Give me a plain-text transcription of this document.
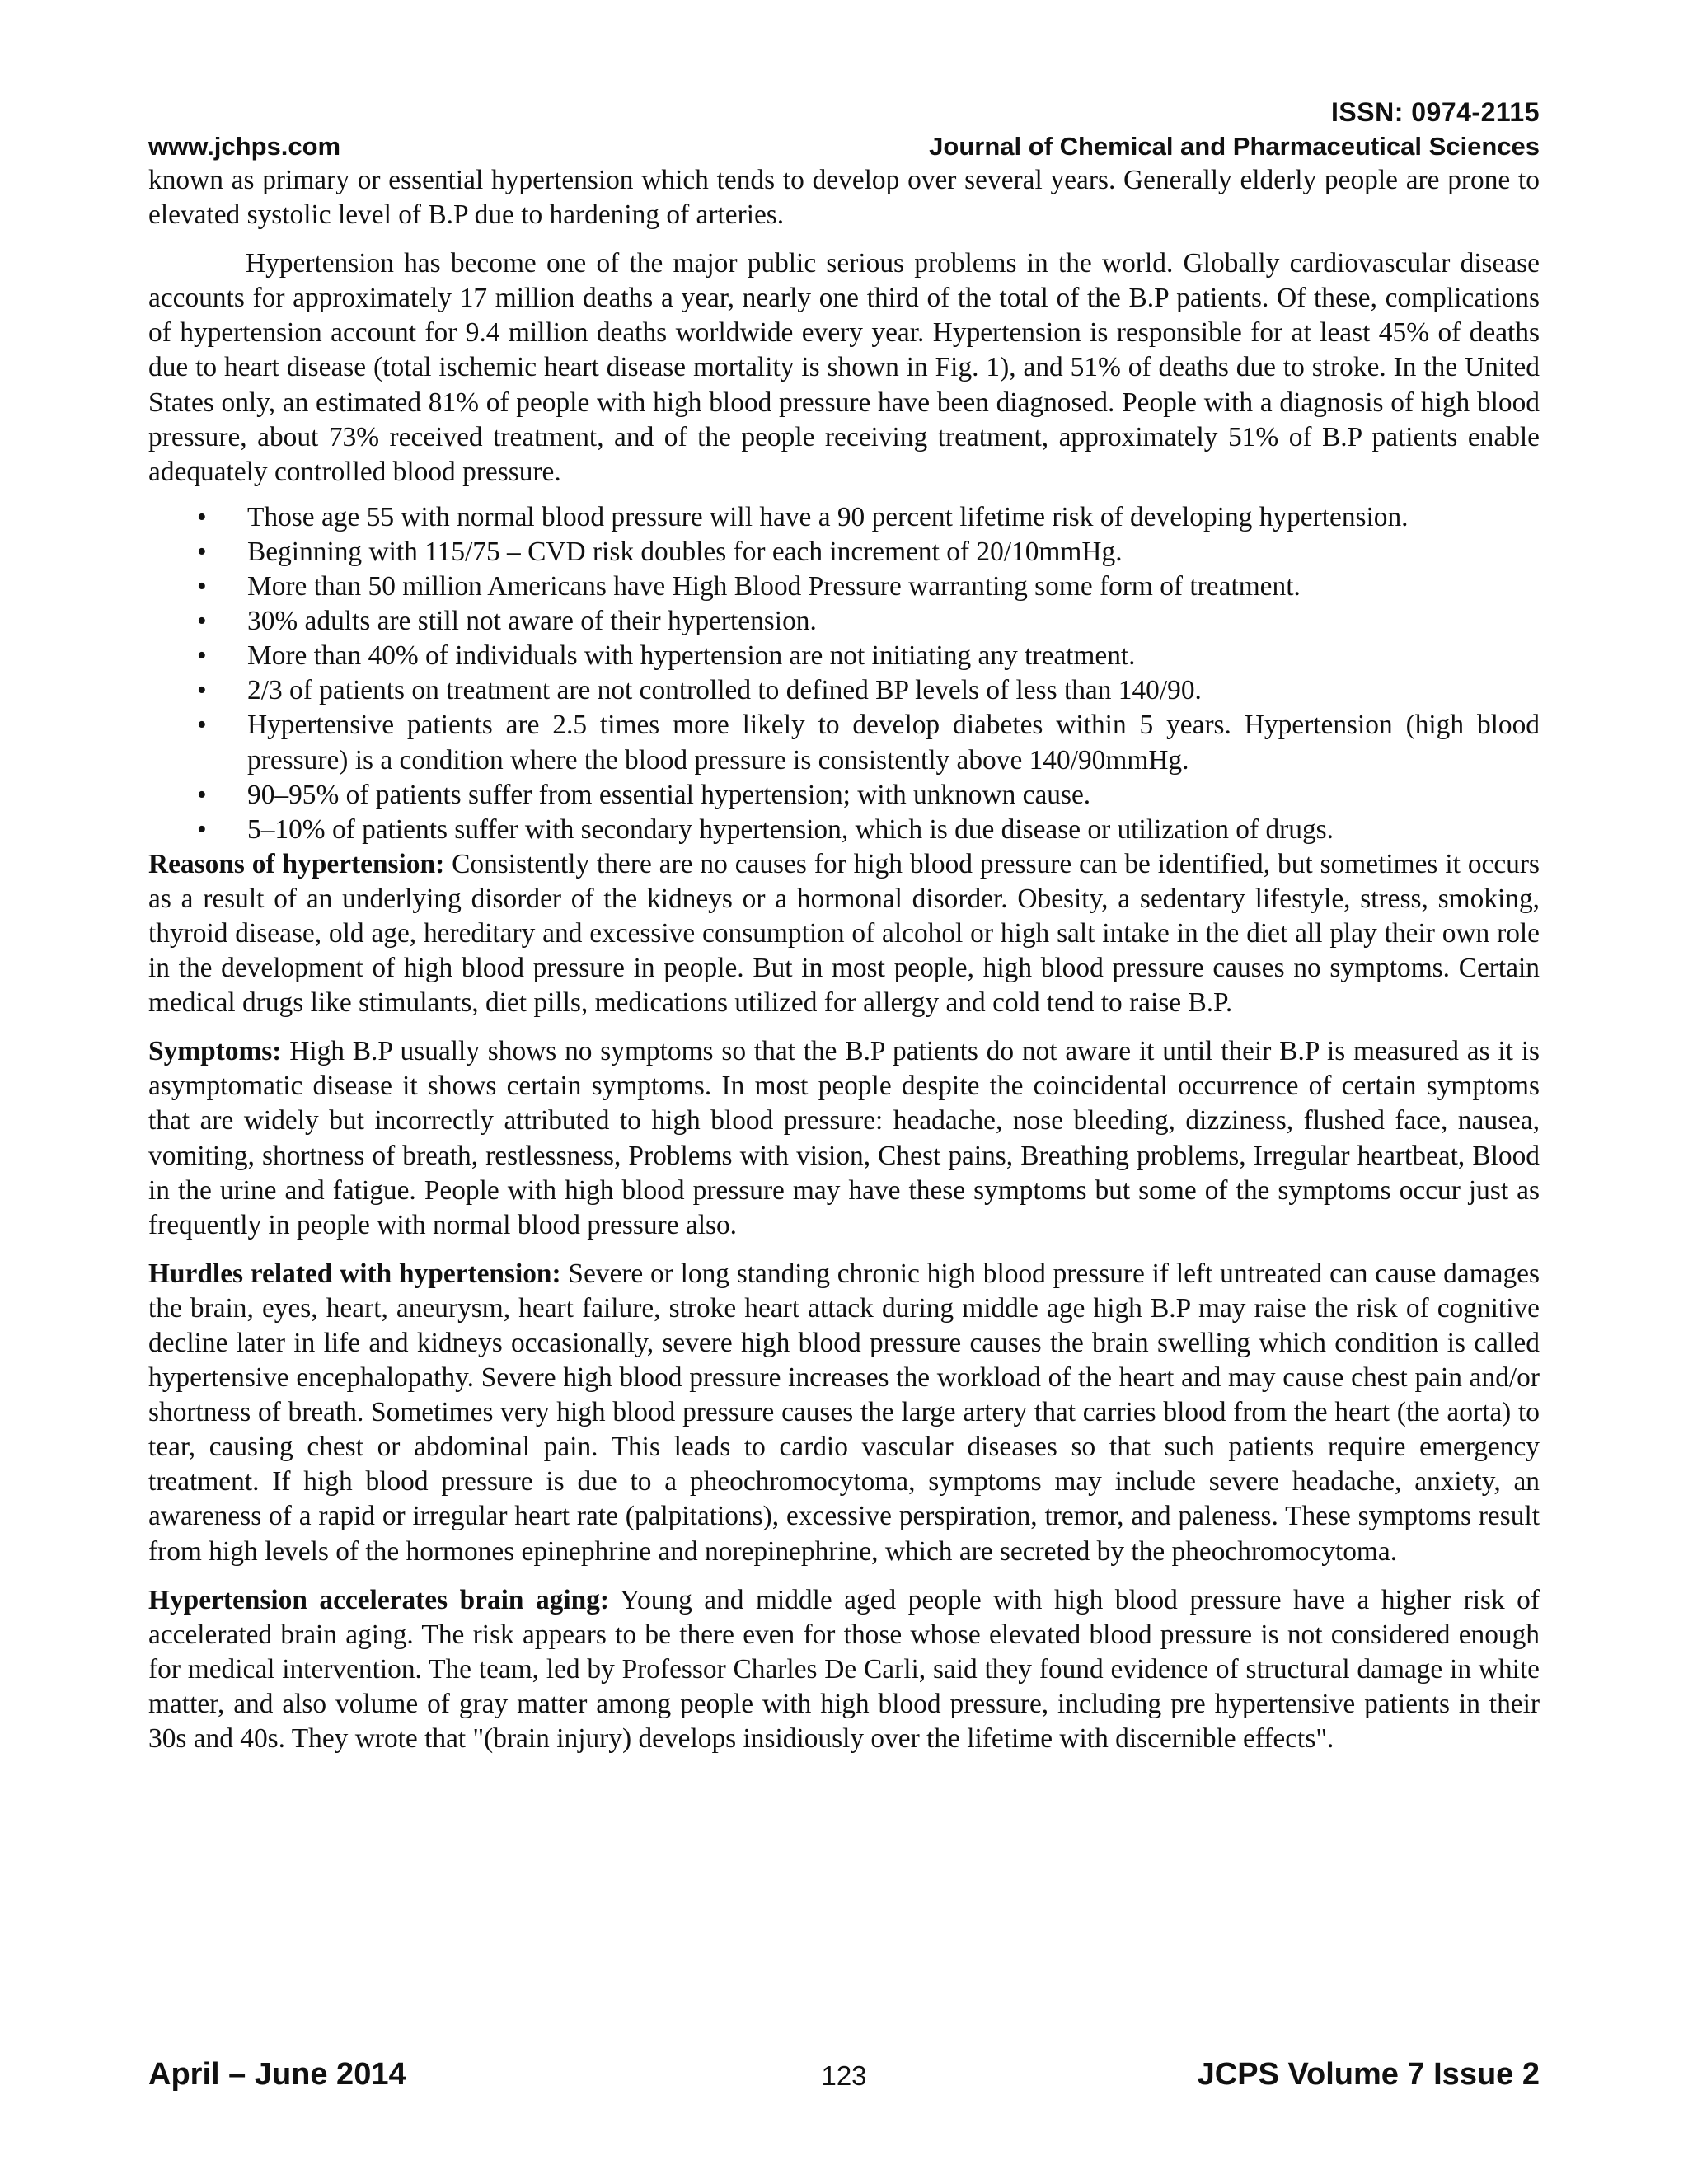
ISSN: 0974-2115
www.jchps.com	Journal of Chemical and Pharmaceutical Sciences

known as primary or essential hypertension which tends to develop over several years. Generally elderly people are prone to elevated systolic level of B.P due to hardening of arteries.

Hypertension has become one of the major public serious problems in the world. Globally cardiovascular disease accounts for approximately 17 million deaths a year, nearly one third of the total of the B.P patients. Of these, complications of hypertension account for 9.4 million deaths worldwide every year. Hypertension is responsible for at least 45% of deaths due to heart disease (total ischemic heart disease mortality is shown in Fig. 1), and 51% of deaths due to stroke. In the United States only, an estimated 81% of people with high blood pressure have been diagnosed. People with a diagnosis of high blood pressure, about 73% received treatment, and of the people receiving treatment, approximately 51% of B.P patients enable adequately controlled blood pressure.

• Those age 55 with normal blood pressure will have a 90 percent lifetime risk of developing hypertension.
• Beginning with 115/75 – CVD risk doubles for each increment of 20/10mmHg.
• More than 50 million Americans have High Blood Pressure warranting some form of treatment.
• 30% adults are still not aware of their hypertension.
• More than 40% of individuals with hypertension are not initiating any treatment.
• 2/3 of patients on treatment are not controlled to defined BP levels of less than 140/90.
• Hypertensive patients are 2.5 times more likely to develop diabetes within 5 years. Hypertension (high blood pressure) is a condition where the blood pressure is consistently above 140/90mmHg.
• 90–95% of patients suffer from essential hypertension; with unknown cause.
• 5–10% of patients suffer with secondary hypertension, which is due disease or utilization of drugs.

Reasons of hypertension: Consistently there are no causes for high blood pressure can be identified, but sometimes it occurs as a result of an underlying disorder of the kidneys or a hormonal disorder. Obesity, a sedentary lifestyle, stress, smoking, thyroid disease, old age, hereditary and excessive consumption of alcohol or high salt intake in the diet all play their own role in the development of high blood pressure in people. But in most people, high blood pressure causes no symptoms. Certain medical drugs like stimulants, diet pills, medications utilized for allergy and cold tend to raise B.P.

Symptoms: High B.P usually shows no symptoms so that the B.P patients do not aware it until their B.P is measured as it is asymptomatic disease it shows certain symptoms. In most people despite the coincidental occurrence of certain symptoms that are widely but incorrectly attributed to high blood pressure: headache, nose bleeding, dizziness, flushed face, nausea, vomiting, shortness of breath, restlessness, Problems with vision, Chest pains, Breathing problems, Irregular heartbeat, Blood in the urine and fatigue. People with high blood pressure may have these symptoms but some of the symptoms occur just as frequently in people with normal blood pressure also.

Hurdles related with hypertension: Severe or long standing chronic high blood pressure if left untreated can cause damages the brain, eyes, heart, aneurysm, heart failure, stroke heart attack during middle age high B.P may raise the risk of cognitive decline later in life and kidneys occasionally, severe high blood pressure causes the brain swelling which condition is called hypertensive encephalopathy. Severe high blood pressure increases the workload of the heart and may cause chest pain and/or shortness of breath. Sometimes very high blood pressure causes the large artery that carries blood from the heart (the aorta) to tear, causing chest or abdominal pain. This leads to cardio vascular diseases so that such patients require emergency treatment. If high blood pressure is due to a pheochromocytoma, symptoms may include severe headache, anxiety, an awareness of a rapid or irregular heart rate (palpitations), excessive perspiration, tremor, and paleness. These symptoms result from high levels of the hormones epinephrine and norepinephrine, which are secreted by the pheochromocytoma.

Hypertension accelerates brain aging: Young and middle aged people with high blood pressure have a higher risk of accelerated brain aging. The risk appears to be there even for those whose elevated blood pressure is not considered enough for medical intervention. The team, led by Professor Charles De Carli, said they found evidence of structural damage in white matter, and also volume of gray matter among people with high blood pressure, including pre hypertensive patients in their 30s and 40s. They wrote that "(brain injury) develops insidiously over the lifetime with discernible effects".

April – June 2014	123	JCPS Volume 7 Issue 2
